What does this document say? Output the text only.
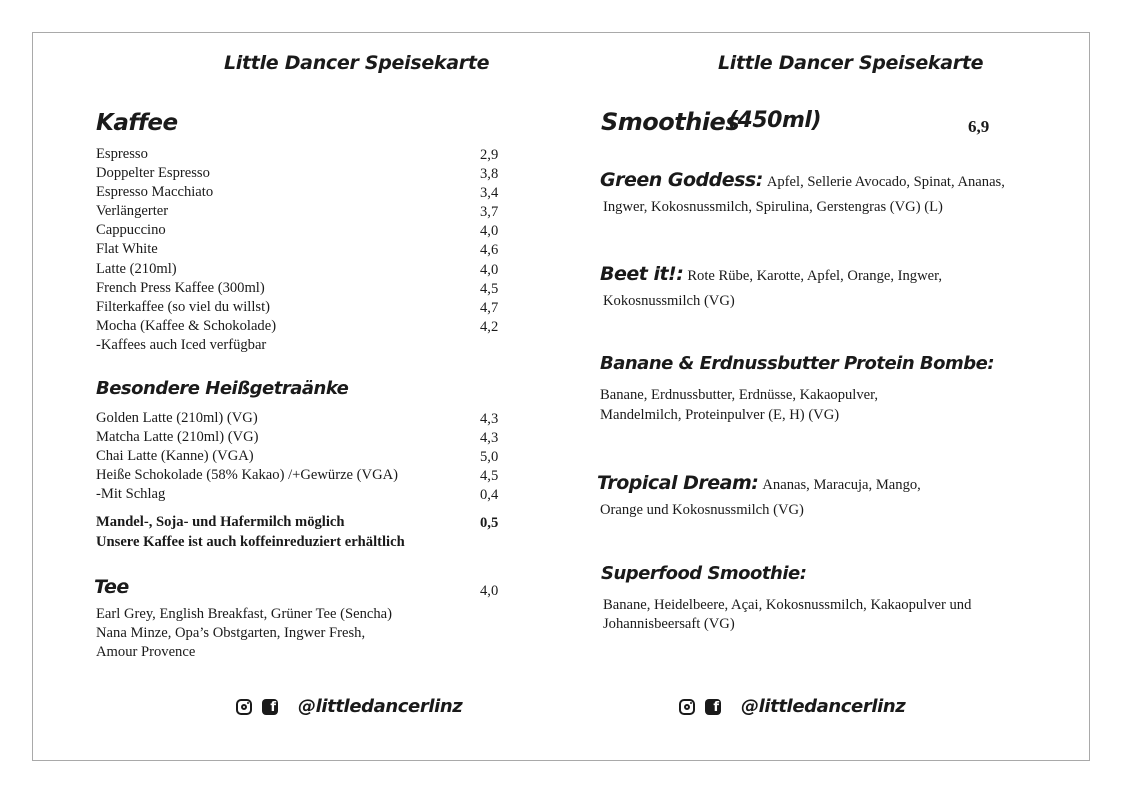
Little Dancer Speisekarte
Kaffee
Espresso	2,9
Doppelter Espresso	3,8
Espresso Macchiato	3,4
Verlängerter	3,7
Cappuccino	4,0
Flat White	4,6
Latte (210ml)	4,0
French Press Kaffee (300ml)	4,5
Filterkaffee (so viel du willst)	4,7
Mocha (Kaffee & Schokolade)	4,2
-Kaffees auch Iced verfügbar
Besondere Heißgetraänke
Golden Latte (210ml) (VG)	4,3
Matcha Latte (210ml) (VG)	4,3
Chai Latte (Kanne) (VGA)	5,0
Heiße Schokolade (58% Kakao) /+Gewürze (VGA)	4,5
-Mit Schlag	0,4
Mandel-, Soja- und Hafermilch möglich	0,5
Unsere Kaffee ist auch koffeinreduziert erhältlich
Tee	4,0
Earl Grey, English Breakfast, Grüner Tee (Sencha)
Nana Minze, Opa’s Obstgarten, Ingwer Fresh,
Amour Provence
f @littledancerlinz
Little Dancer Speisekarte
Smoothies
(450ml)	6,9
Green Goddess: Apfel, Sellerie Avocado, Spinat, Ananas,
Ingwer, Kokosnussmilch, Spirulina, Gerstengras (VG) (L)
Beet it!: Rote Rübe, Karotte, Apfel, Orange, Ingwer,
Kokosnussmilch (VG)
Banane & Erdnussbutter Protein Bombe:
Banane, Erdnussbutter, Erdnüsse, Kakaopulver,
Mandelmilch, Proteinpulver (E, H) (VG)
Tropical Dream: Ananas, Maracuja, Mango,
Orange und Kokosnussmilch (VG)
Superfood Smoothie:
Banane, Heidelbeere, Açai, Kokosnussmilch, Kakaopulver und
Johannisbeersaft (VG)
f @littledancerlinz
